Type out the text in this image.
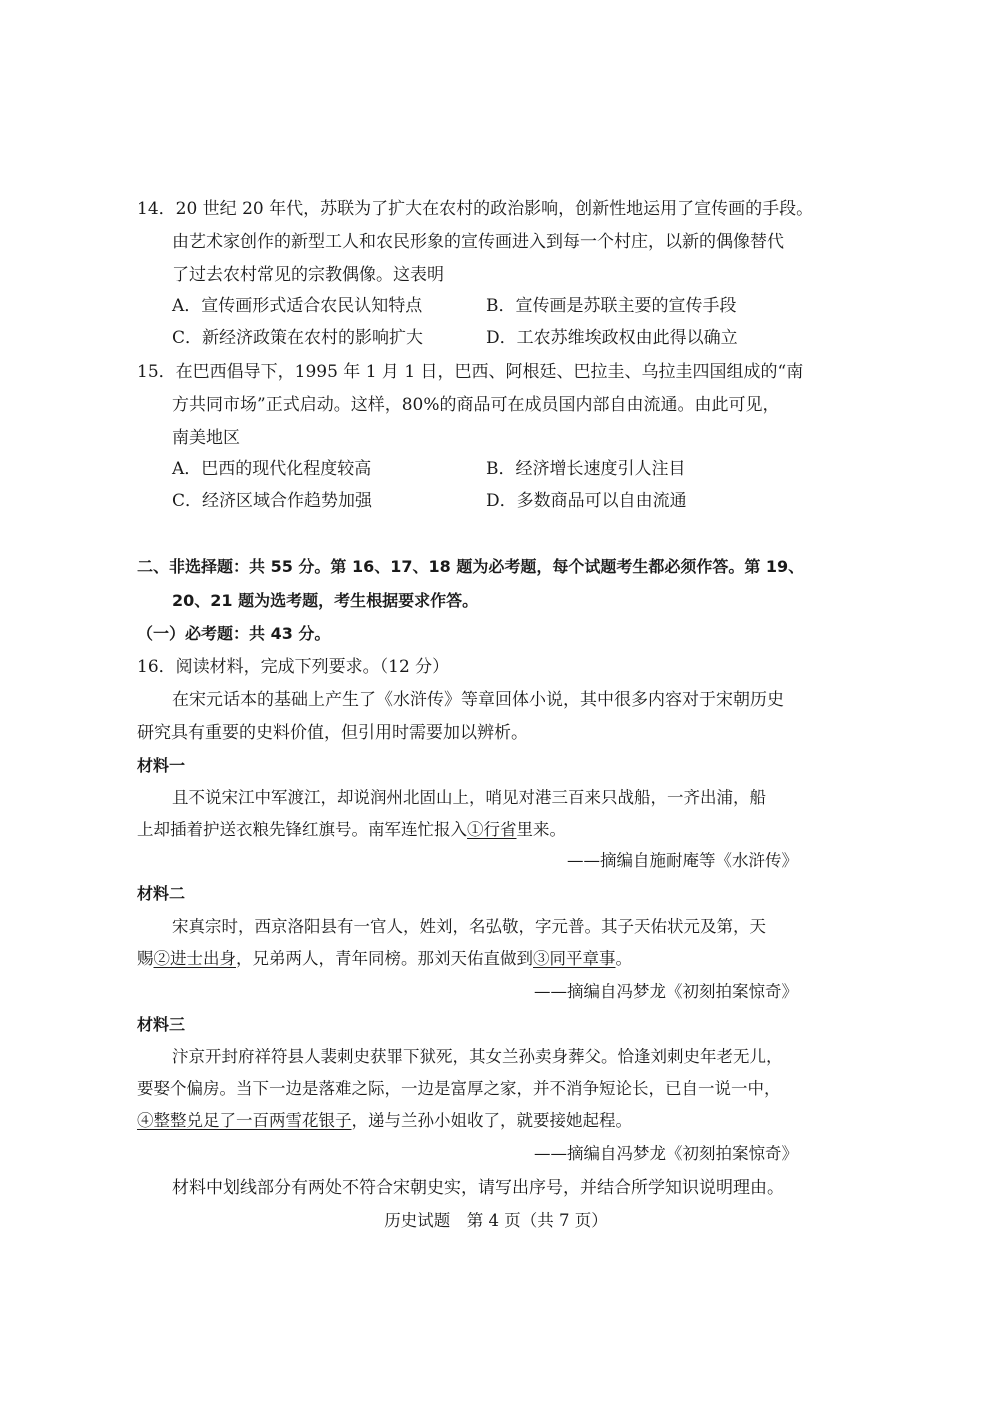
14．20 世纪 20 年代，苏联为了扩大在农村的政治影响，创新性地运用了宣传画的手段。
由艺术家创作的新型工人和农民形象的宣传画进入到每一个村庄，以新的偶像替代
了过去农村常见的宗教偶像。这表明
A．宣传画形式适合农民认知特点	B．宣传画是苏联主要的宣传手段
C．新经济政策在农村的影响扩大	D．工农苏维埃政权由此得以确立
15．在巴西倡导下，1995 年 1 月 1 日，巴西、阿根廷、巴拉圭、乌拉圭四国组成的“南
方共同市场”正式启动。这样，80%的商品可在成员国内部自由流通。由此可见，
南美地区
A．巴西的现代化程度较高	B．经济增长速度引人注目
C．经济区域合作趋势加强	D．多数商品可以自由流通
二、非选择题：共 55 分。第 16、17、18 题为必考题，每个试题考生都必须作答。第 19、
20、21 题为选考题，考生根据要求作答。
（一）必考题：共 43 分。
16．阅读材料，完成下列要求。（12 分）
在宋元话本的基础上产生了《水浒传》等章回体小说，其中很多内容对于宋朝历史
研究具有重要的史料价值，但引用时需要加以辨析。
材料一
且不说宋江中军渡江，却说润州北固山上，哨见对港三百来只战船，一齐出浦，船
上却插着护送衣粮先锋红旗号。南军连忙报入①行省里来。
——摘编自施耐庵等《水浒传》
材料二
宋真宗时，西京洛阳县有一官人，姓刘，名弘敬，字元普。其子天佑状元及第，天
赐②进士出身，兄弟两人，青年同榜。那刘天佑直做到③同平章事。
——摘编自冯梦龙《初刻拍案惊奇》
材料三
汴京开封府祥符县人裴刺史获罪下狱死，其女兰孙卖身葬父。恰逢刘刺史年老无儿，
要娶个偏房。当下一边是落难之际，一边是富厚之家，并不消争短论长，已自一说一中，
④整整兑足了一百两雪花银子，递与兰孙小姐收了，就要接她起程。
——摘编自冯梦龙《初刻拍案惊奇》
材料中划线部分有两处不符合宋朝史实，请写出序号，并结合所学知识说明理由。
历史试题　第 4 页（共 7 页）
